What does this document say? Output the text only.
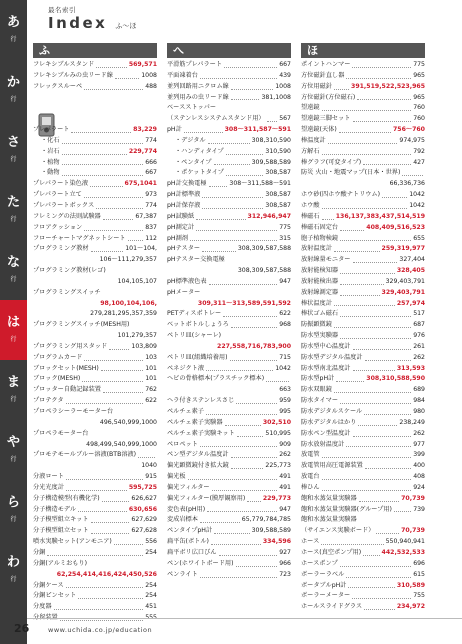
あ
行
か
行
さ
行
た
行
な
行
は
行
ま
行
や
行
ら
行
わ
行
最名索引
Index ふ～ほ
ふ	へ	ほ
フレキシブルスタンド	569,571
フレキシブルみの虫リード線	1008
フレックスルーペ	488
プレパラート	83,229
・化石	774
・岩石	229,774
・植物	666
・動物	667
プレパラート染色液	675,1041
プレパラート立て	973
プレパラートボックス	774
フレミングの法則試験器	67,387
フロアクッション	837
フローチャートマグネットシート	112
プログラミング教材	101〜104,
106〜111,279,357
プログラミング教材(レゴ)
104,105,107
プログラミングスイッチ
98,100,104,106,
279,281,295,357,359
プログラミングスイッチ(MESH用)
101,279,357
プログラミング用スタッド	103,809
プログラムカード	103
ブロックセット(MESH)	101
ブロック(MESH)	101
プロッター自動記録装置	762
プロテクタ	622
プロペラシーラーモーター台
496,540,999,1000
プロペラモーター台
498,499,540,999,1000
プロモテモールブルー溶液(BTB溶液)
1040
分液ロート	915
分光光度計	595,725
分子構造模型(有機化学)	626,627
分子構造モデル	630,656
分子模型組立キット	627,629
分子模型組立セット	627,628
噴水実験セット(アンモニア)	556
分銅	254
分銅(アルミおもり)
62,254,414,416,424,450,526
分銅ケース	254
分銅ピンセット	254
分度器	451
分留装置	555
平滑筋プレパラート	667
平面凍着台	439
並列回路用ニクロム線	1008
並列用みの虫リード線	381,1008
ベースストッパー
（ステンレスシステムスタンド用） 567
pH計	308〜311,587〜591
・デジタル	308,310,590
・ハンディタイプ	310,590
・ペンタイプ	309,588,589
・ポケットタイプ	308,587
pH計交換電極	308〜311,588〜591
pH計標準液	308,587
pH計保存液	308,587
pH試験紙	312,946,947
pH測定計	775
pH測剤	315
pHテスター	308,309,587,588
pHテスター交換電極
308,309,587,588
pH標準液色表	947
pHメーター
309,311〜313,589,591,592
PETディスポトレー	622
ベットボトルしょうろ	968
ペトリ皿(シャーレ)
227,558,716,783,900
ペトリ皿(組織培養用)	715
ペネジクト液	1042
ヘビの骨格標本(プラスチック標本)
663
ヘラ付きステンレスさじ	959
ペルチェ素子	995
ペルチェ素子実験器	302,510
ペルチェ素子実験キット	510,995
ペロペット	909
ペン型デジタル温度計	262
偏光顕微鏡付き拡大鏡	225,773
偏光板	491
偏光フィルター	491
偏光フィルター(膜厚観察用)	229,773
変色表(pH用)	947
変成岩標本	65,779,784,785
ペンタイプpH計	309,588,589
扁平缶(ボトル)	334,596
扁平ボリ広口びん	927
ペン(ホワイトボード用)	966
ペンライト	723
ポイントハンマー	775
方位磁針直し器	965
方位用磁針	391,519,522,523,965
方位磁針(方位磁石)	965
望遠鏡	760
望遠鏡三脚セット	760
望遠鏡(天体)	756〜760
棒温度計	974,975
方解石	792
棒グラフ(可変タイプ)	427
防災 火山・地震マップ(日本・世界)
66,336,736
ホウ砂(四ホウ酸ナトリウム)	1042
ホウ酸	1042
棒磁石	136,137,383,437,514,519
棒磁石固定台	408,409,516,523
胞子植物検鏡	655
放射温度計	259,319,977
放射線量モニター	327,404
放射能検知器	328,405
放射能検出器	329,403,791
放射線測定器	329,403,791
棒状温度計	257,974
棒状ゴム磁石	517
防振顕微鏡	687
防水型実験器	976
防水型中心温度計	261
防水型デジタル温度計	262
防水型南北温度計	313,593
防水型pH計	308,310,588,590
防水双眼鏡	689
防水タイマー	984
防水デジタルスケール	980
防水デジタルはかり	238,249
防水ペン型温度計	262
防水放射温度計	977
放電管	399
放電管用高圧電源装置	400
放電台	408
棒ひん	924
飽和水蒸気量実験器	70,739
飽和水蒸気量実験器(グループ用)	739
飽和水蒸気量実験器
（サイエンス実験ボード）	70,739
ホース	550,940,941
ホース(真空ポンプ用)	442,532,533
ホースポンプ	696
ボーラーラベル	615
ボータブルpH計	310,589
ボーラーメーター	755
ホールスライドグラス	234,972
26	www.uchida.co.jp/education
